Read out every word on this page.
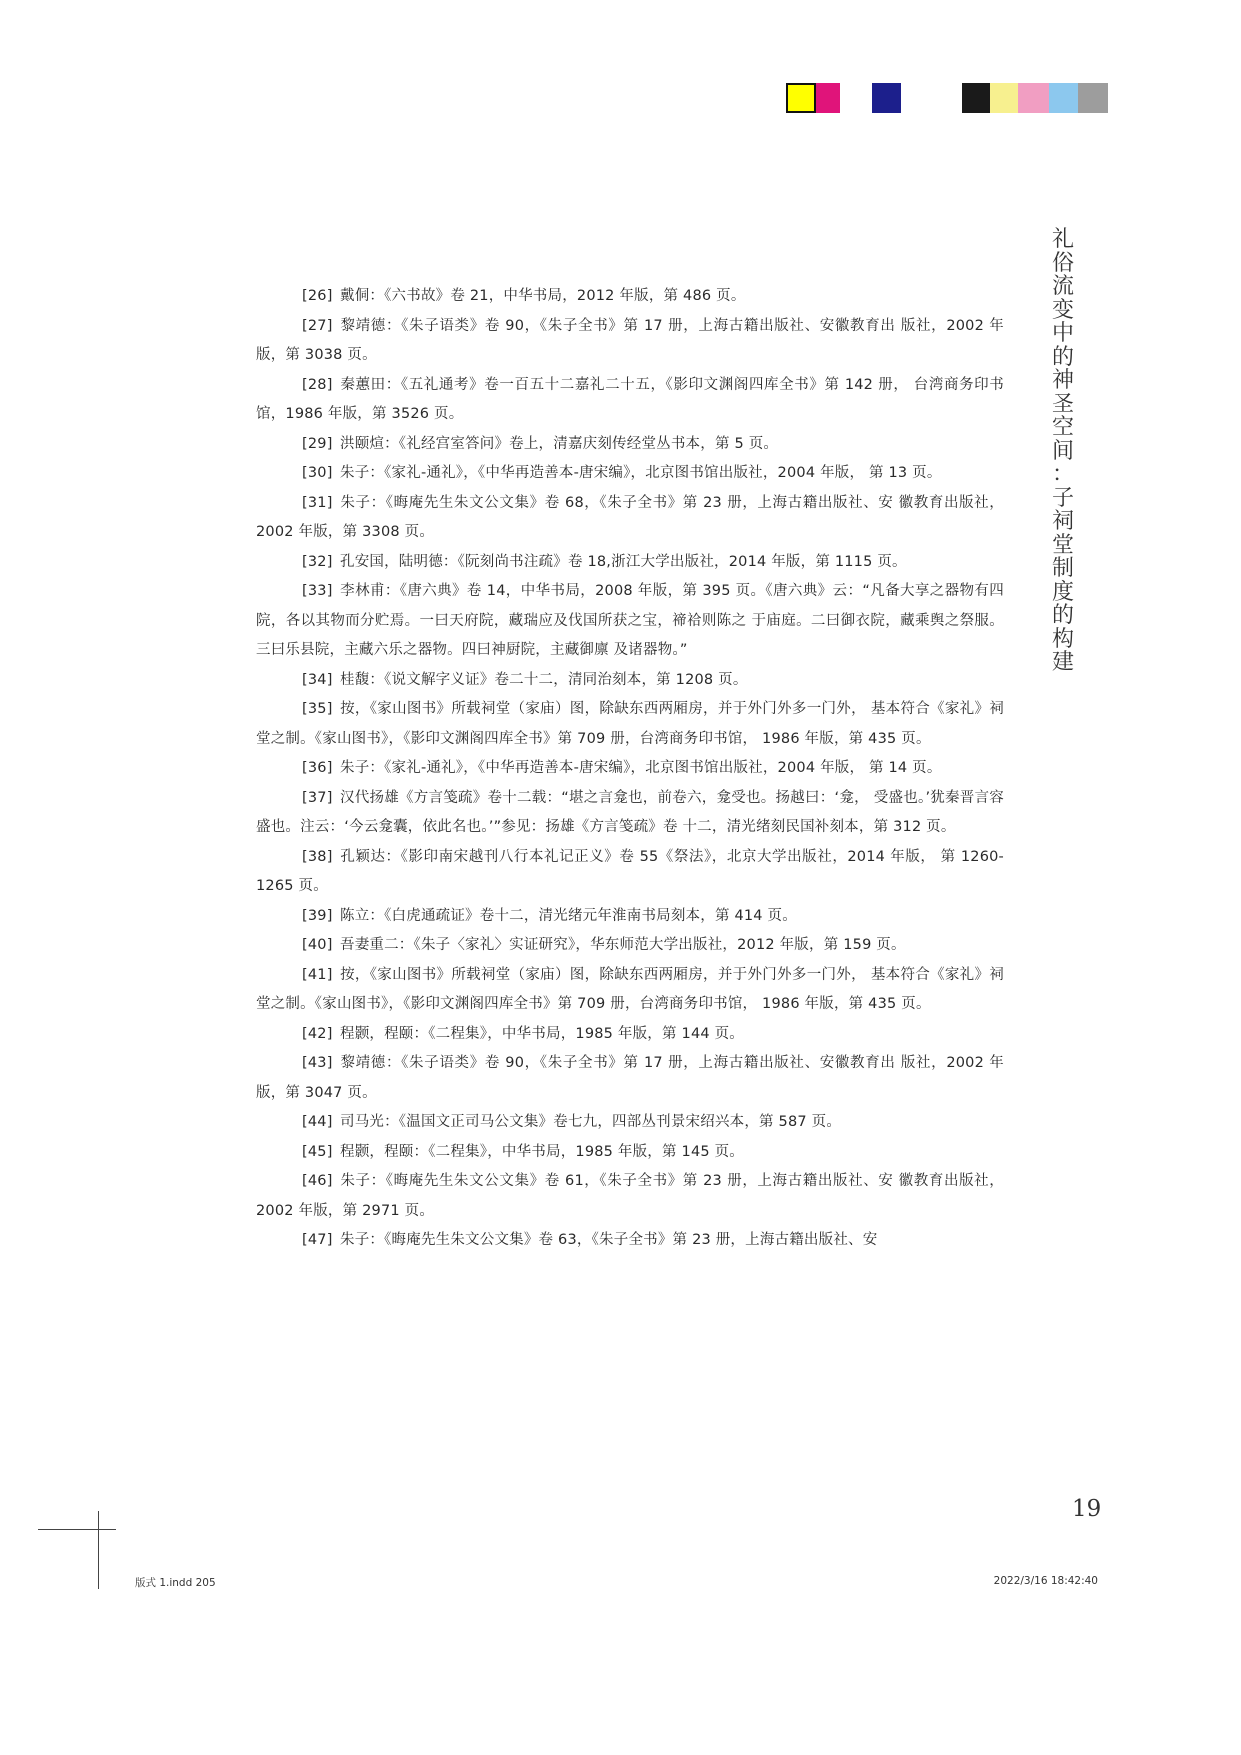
礼
俗
流
变
中
的
神
圣
空
间
：
子
祠
堂
制
度
的
构
建

[26] 戴侗：《六书故》卷 21，中华书局，2012 年版，第 486 页。

[27] 黎靖德：《朱子语类》卷 90，《朱子全书》第 17 册，上海古籍出版社、安徽教育出 版社，2002 年版，第 3038 页。

[28] 秦蕙田：《五礼通考》卷一百五十二嘉礼二十五，《影印文渊阁四库全书》第 142 册， 台湾商务印书馆，1986 年版，第 3526 页。

[29] 洪颐煊：《礼经宫室答问》卷上，清嘉庆刻传经堂丛书本，第 5 页。

[30] 朱子：《家礼-通礼》，《中华再造善本-唐宋编》，北京图书馆出版社，2004 年版， 第 13 页。

[31] 朱子：《晦庵先生朱文公文集》卷 68，《朱子全书》第 23 册，上海古籍出版社、安 徽教育出版社，2002 年版，第 3308 页。

[32] 孔安国，陆明德：《阮刻尚书注疏》卷 18,浙江大学出版社，2014 年版，第 1115 页。

[33] 李林甫：《唐六典》卷 14，中华书局，2008 年版，第 395 页。《唐六典》云：“凡备大享之器物有四院，各以其物而分贮焉。一曰天府院，藏瑞应及伐国所获之宝，禘祫则陈之 于庙庭。二曰御衣院，藏乘舆之祭服。三曰乐县院，主藏六乐之器物。四曰神厨院，主藏御廪 及诸器物。”

[34] 桂馥：《说文解字义证》卷二十二，清同治刻本，第 1208 页。

[35] 按，《家山图书》所载祠堂（家庙）图，除缺东西两厢房，并于外门外多一门外， 基本符合《家礼》祠堂之制。《家山图书》，《影印文渊阁四库全书》第 709 册，台湾商务印书馆， 1986 年版，第 435 页。

[36] 朱子：《家礼-通礼》，《中华再造善本-唐宋编》，北京图书馆出版社，2004 年版， 第 14 页。

[37] 汉代扬雄《方言笺疏》卷十二载：“堪之言龛也，前卷六，龛受也。扬越曰：‘龛， 受盛也。’犹秦晋言容盛也。注云：‘今云龛囊，依此名也。’”参见：扬雄《方言笺疏》卷 十二，清光绪刻民国补刻本，第 312 页。

[38] 孔颖达：《影印南宋越刊八行本礼记正义》卷 55《祭法》，北京大学出版社，2014 年版， 第 1260-1265 页。

[39] 陈立：《白虎通疏证》卷十二，清光绪元年淮南书局刻本，第 414 页。

[40] 吾妻重二：《朱子〈家礼〉实证研究》，华东师范大学出版社，2012 年版，第 159 页。

[41] 按，《家山图书》所载祠堂（家庙）图，除缺东西两厢房，并于外门外多一门外， 基本符合《家礼》祠堂之制。《家山图书》，《影印文渊阁四库全书》第 709 册，台湾商务印书馆， 1986 年版，第 435 页。

[42] 程颢，程颐：《二程集》，中华书局，1985 年版，第 144 页。

[43] 黎靖德：《朱子语类》卷 90，《朱子全书》第 17 册，上海古籍出版社、安徽教育出 版社，2002 年版，第 3047 页。

[44] 司马光：《温国文正司马公文集》卷七九，四部丛刊景宋绍兴本，第 587 页。

[45] 程颢，程颐：《二程集》，中华书局，1985 年版，第 145 页。

[46] 朱子：《晦庵先生朱文公文集》卷 61，《朱子全书》第 23 册，上海古籍出版社、安 徽教育出版社，2002 年版，第 2971 页。

[47] 朱子：《晦庵先生朱文公文集》卷 63，《朱子全书》第 23 册，上海古籍出版社、安

19
版式 1.indd 205	2022/3/16 18:42:40
